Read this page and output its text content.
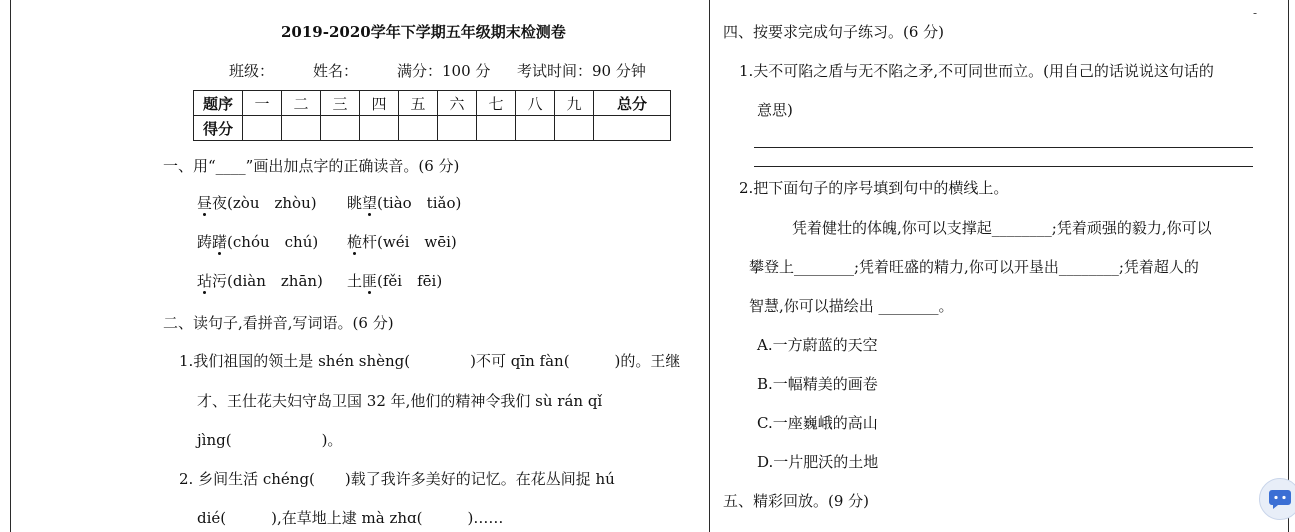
2019-2020学年下学期五年级期末检测卷
班级：	姓名：	满分：100 分 考试时间：90 分钟
题序	一	二	三	四	五	六	七	八	九	总分
得分										
一、用“____”画出加点字的正确读音。(6 分)
昼夜(zòu　zhòu) 眺望(tiào　tiǎo)
踌躇(chóu　chú) 桅杆(wéi　wēi)
玷污(diàn　zhān) 土匪(fěi　fēi)
二、读句子,看拼音,写词语。(6 分)
1.我们祖国的领土是 shén shèng(　　　　)不可 qīn fàn(　　　)的。王继
才、王仕花夫妇守岛卫国 32 年,他们的精神令我们 sù rán qǐ
jìng(　　　　　　)。
2. 乡间生活 chéng(　　)载了我许多美好的记忆。在花丛间捉 hú
dié(　　　),在草地上逮 mà zhɑ(　　　)……
四、按要求完成句子练习。(6 分)
1.夫不可陷之盾与无不陷之矛,不可同世而立。(用自己的话说说这句话的
意思)
2.把下面句子的序号填到句中的横线上。
凭着健壮的体魄,你可以支撑起________;凭着顽强的毅力,你可以
攀登上________;凭着旺盛的精力,你可以开垦出________;凭着超人的
智慧,你可以描绘出 ________。
A.一方蔚蓝的天空
B.一幅精美的画卷
C.一座巍峨的高山
D.一片肥沃的土地
五、精彩回放。(9 分)
-
